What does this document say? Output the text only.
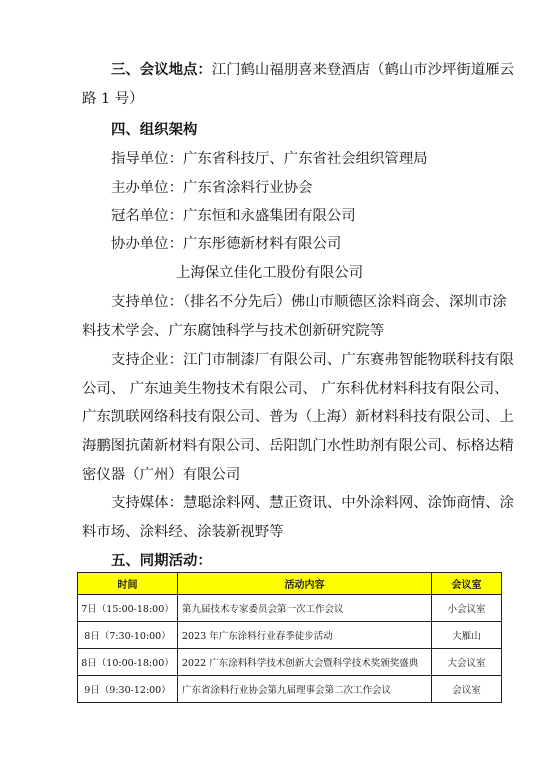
三、会议地点：江门鹤山福朋喜来登酒店（鹤山市沙坪街道雁云
路 1 号）
四、组织架构
指导单位：广东省科技厅、广东省社会组织管理局
主办单位：广东省涂料行业协会
冠名单位：广东恒和永盛集团有限公司
协办单位：广东彤德新材料有限公司
上海保立佳化工股份有限公司
支持单位：（排名不分先后）佛山市顺德区涂料商会、深圳市涂
料技术学会、广东腐蚀科学与技术创新研究院等
支持企业：江门市制漆厂有限公司、广东赛弗智能物联科技有限
公司、 广东迪美生物技术有限公司、 广东科优材料科技有限公司、
广东凯联网络科技有限公司、普为（上海）新材料科技有限公司、上
海鹏图抗菌新材料有限公司、岳阳凯门水性助剂有限公司、标格达精
密仪器（广州）有限公司
支持媒体：慧聪涂料网、慧正资讯、中外涂料网、涂饰商情、涂
料市场、涂料经、涂装新视野等
五、同期活动：
时间	活动内容	会议室
7日（15:00-18:00）	第九届技术专家委员会第一次工作会议	小会议室
8日（7:30-10:00）	2023 年广东涂料行业春季徒步活动	大雁山
8日（10:00-18:00）	2022 广东涂料科学技术创新大会暨科学技术奖颁奖盛典	大会议室
9日（9:30-12:00）	广东省涂料行业协会第九届理事会第二次工作会议	会议室
